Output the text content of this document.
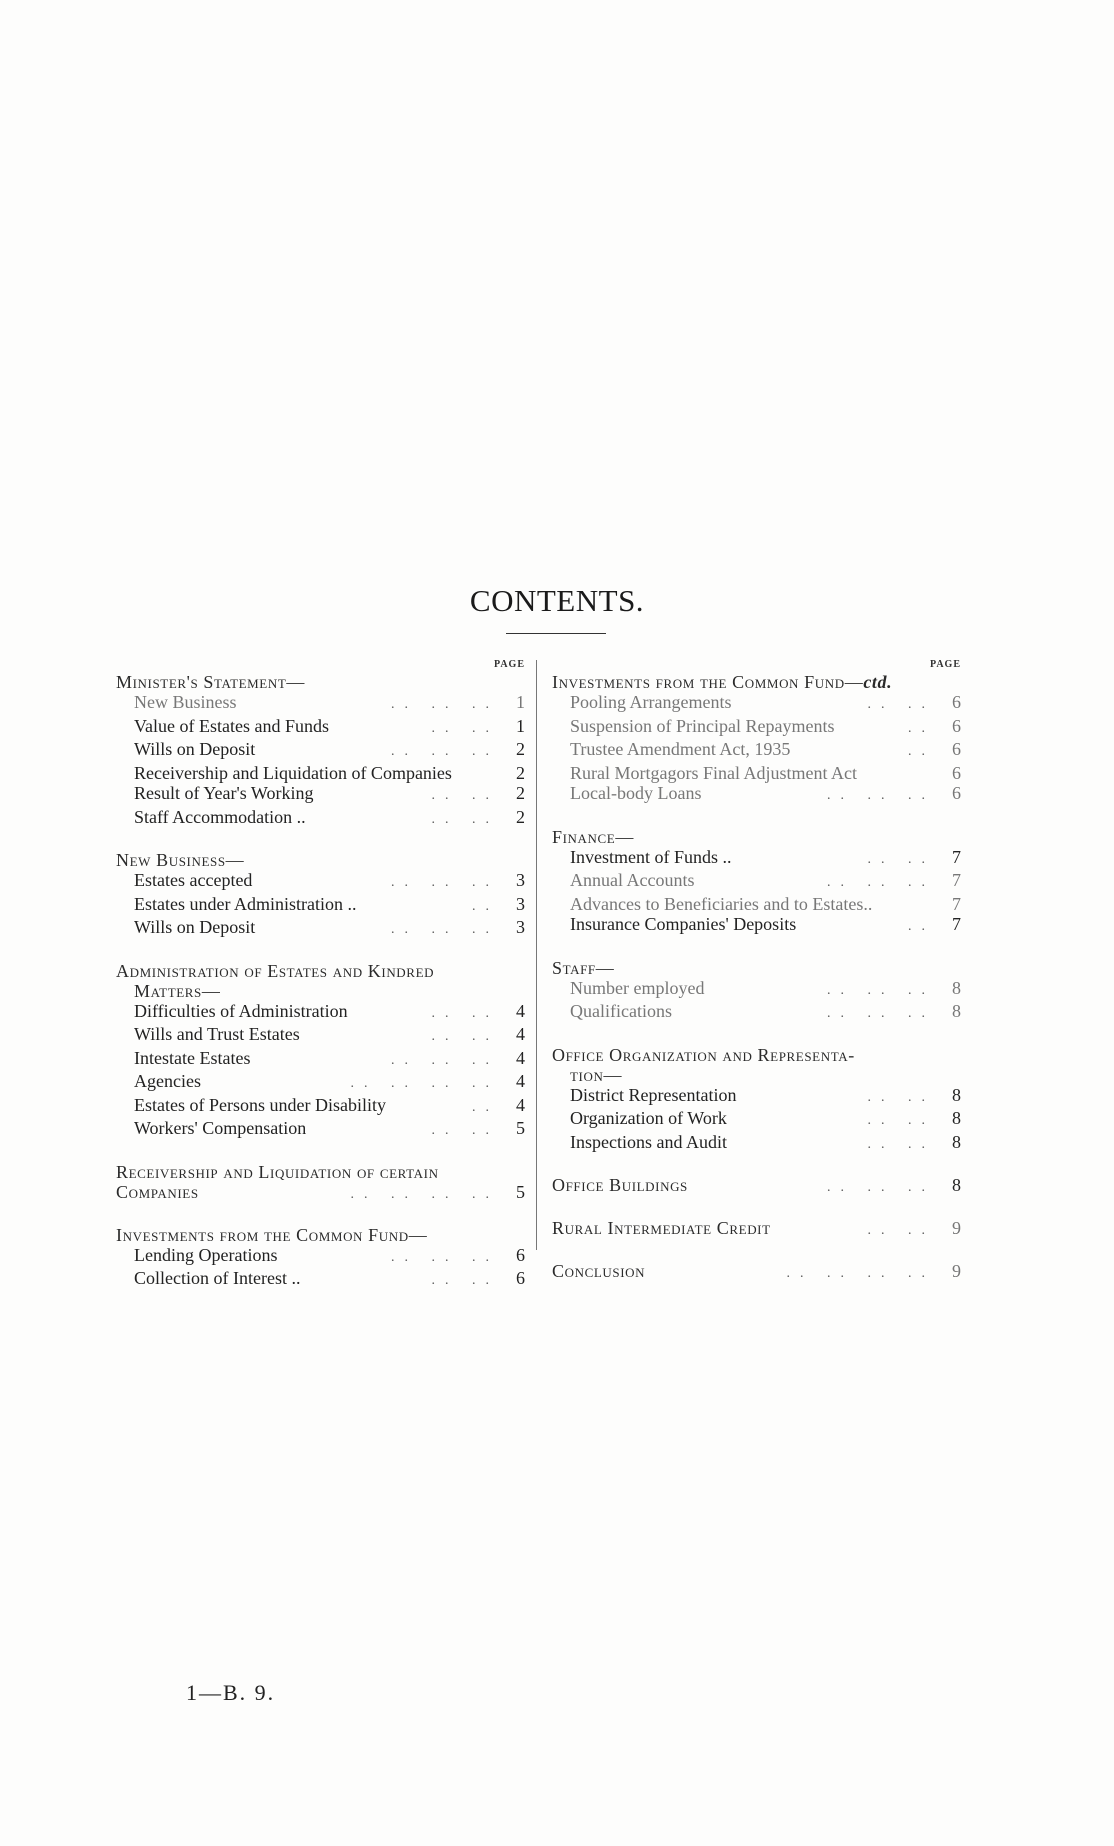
CONTENTS.
PAGE
Minister's Statement—
New Business	.. .. .. 1
Value of Estates and Funds	.. .. 1
Wills on Deposit	.. .. .. 2
Receivership and Liquidation of Companies	2
Result of Year's Working	.. .. 2
Staff Accommodation ..	.. .. 2
New Business—
Estates accepted	.. .. .. 3
Estates under Administration ..	.. 3
Wills on Deposit	.. .. .. 3
Administration of Estates and Kindred
Matters—
Difficulties of Administration	.. .. 4
Wills and Trust Estates	.. .. 4
Intestate Estates	.. .. .. 4
Agencies	.. .. .. .. 4
Estates of Persons under Disability	.. 4
Workers' Compensation	.. .. 5
Receivership and Liquidation of certain
Companies	.. .. .. .. 5
Investments from the Common Fund—
Lending Operations	.. .. .. 6
Collection of Interest ..	.. .. 6
PAGE
Investments from the Common Fund—ctd.
Pooling Arrangements	.. .. 6
Suspension of Principal Repayments	.. 6
Trustee Amendment Act, 1935	.. 6
Rural Mortgagors Final Adjustment Act	6
Local-body Loans	.. .. .. 6
Finance—
Investment of Funds ..	.. .. 7
Annual Accounts	.. .. .. 7
Advances to Beneficiaries and to Estates..	7
Insurance Companies' Deposits	.. 7
Staff—
Number employed	.. .. .. 8
Qualifications	.. .. .. 8
Office Organization and Representa-
tion—
District Representation	.. .. 8
Organization of Work	.. .. 8
Inspections and Audit	.. .. 8
Office Buildings	.. .. .. 8
Rural Intermediate Credit	.. .. 9
Conclusion	.. .. .. .. 9
1—B. 9.
